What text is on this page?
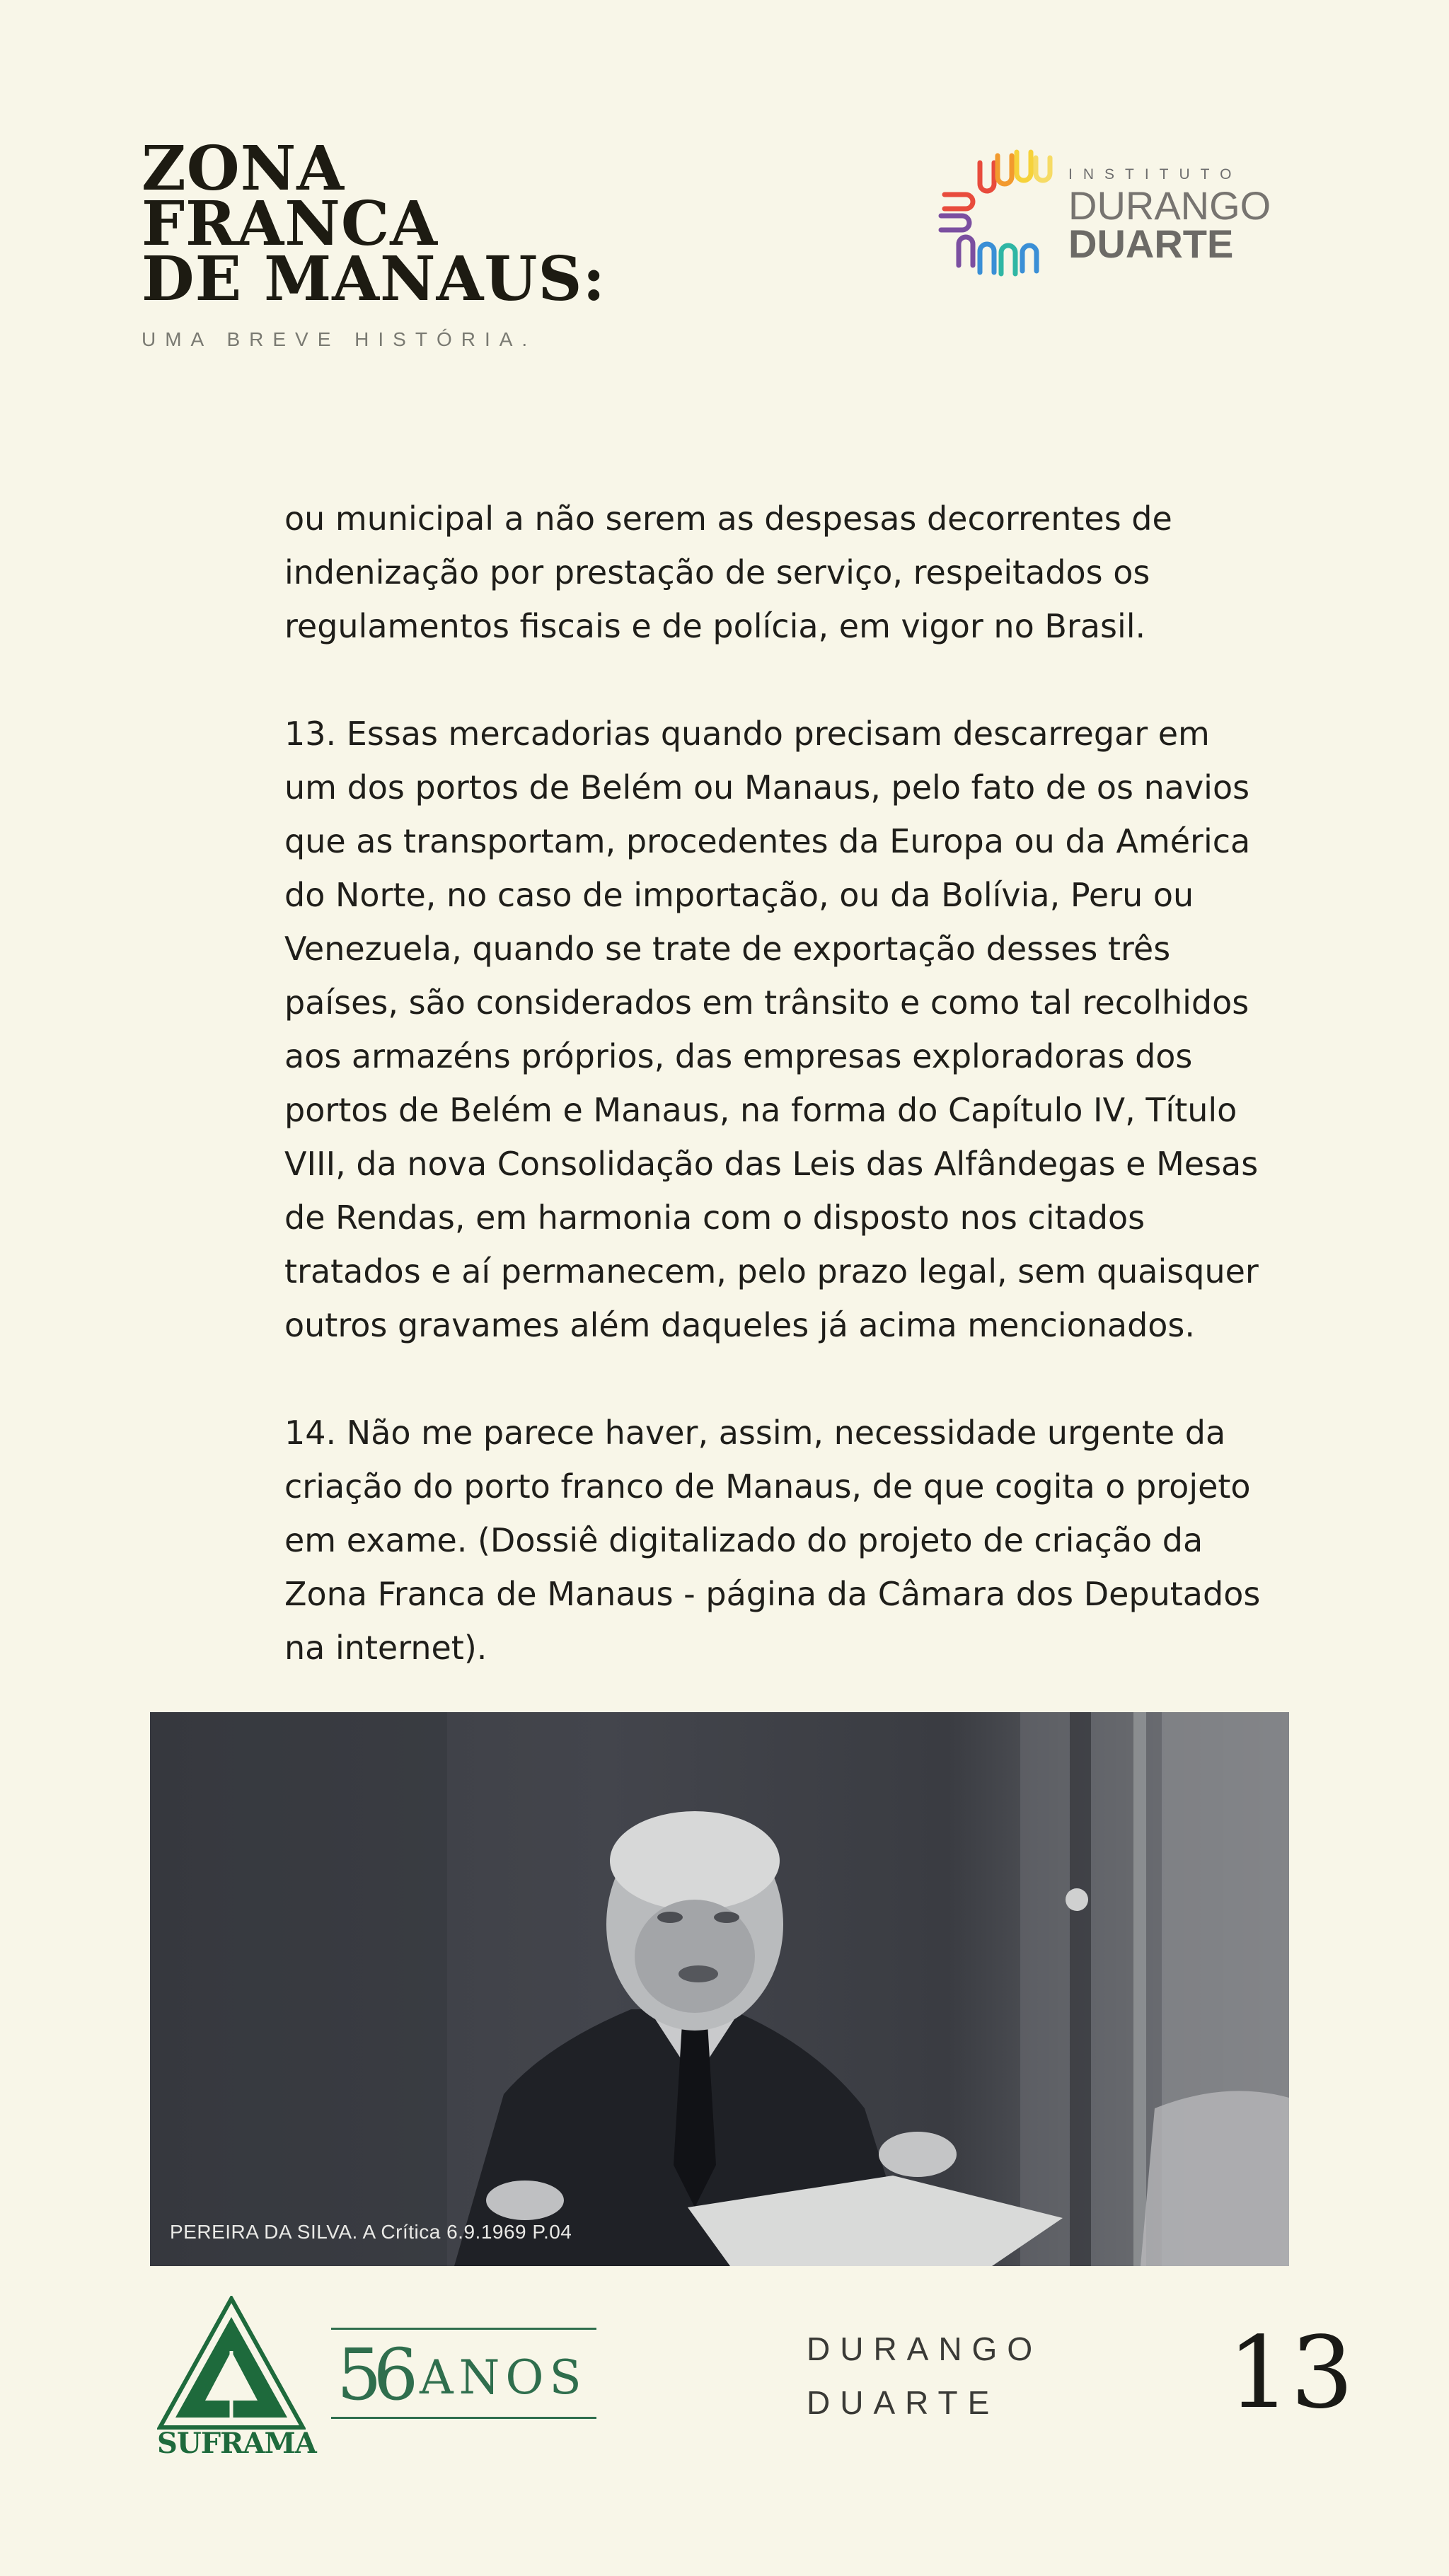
ZONA
FRANCA
DE MANAUS:
UMA BREVE HISTÓRIA.
INSTITUTO
DURANGO
DUARTE

ou municipal a não serem as despesas decorrentes de
indenização por prestação de serviço, respeitados os
regulamentos fiscais e de polícia, em vigor no Brasil.

13. Essas mercadorias quando precisam descarregar em
um dos portos de Belém ou Manaus, pelo fato de os navios
que as transportam, procedentes da Europa ou da América
do Norte, no caso de importação, ou da Bolívia, Peru ou
Venezuela, quando se trate de exportação desses três
países, são considerados em trânsito e como tal recolhidos
aos armazéns próprios, das empresas exploradoras dos
portos de Belém e Manaus, na forma do Capítulo IV, Título
VIII, da nova Consolidação das Leis das Alfândegas e Mesas
de Rendas, em harmonia com o disposto nos citados
tratados e aí permanecem, pelo prazo legal, sem quaisquer
outros gravames além daqueles já acima mencionados.

14. Não me parece haver, assim, necessidade urgente da
criação do porto franco de Manaus, de que cogita o projeto
em exame. (Dossiê digitalizado do projeto de criação da
Zona Franca de Manaus - página da Câmara dos Deputados
na internet).

PEREIRA DA SILVA. A Crítica 6.9.1969 P.04
SUFRAMA
56 ANOS
DURANGO
DUARTE	13
